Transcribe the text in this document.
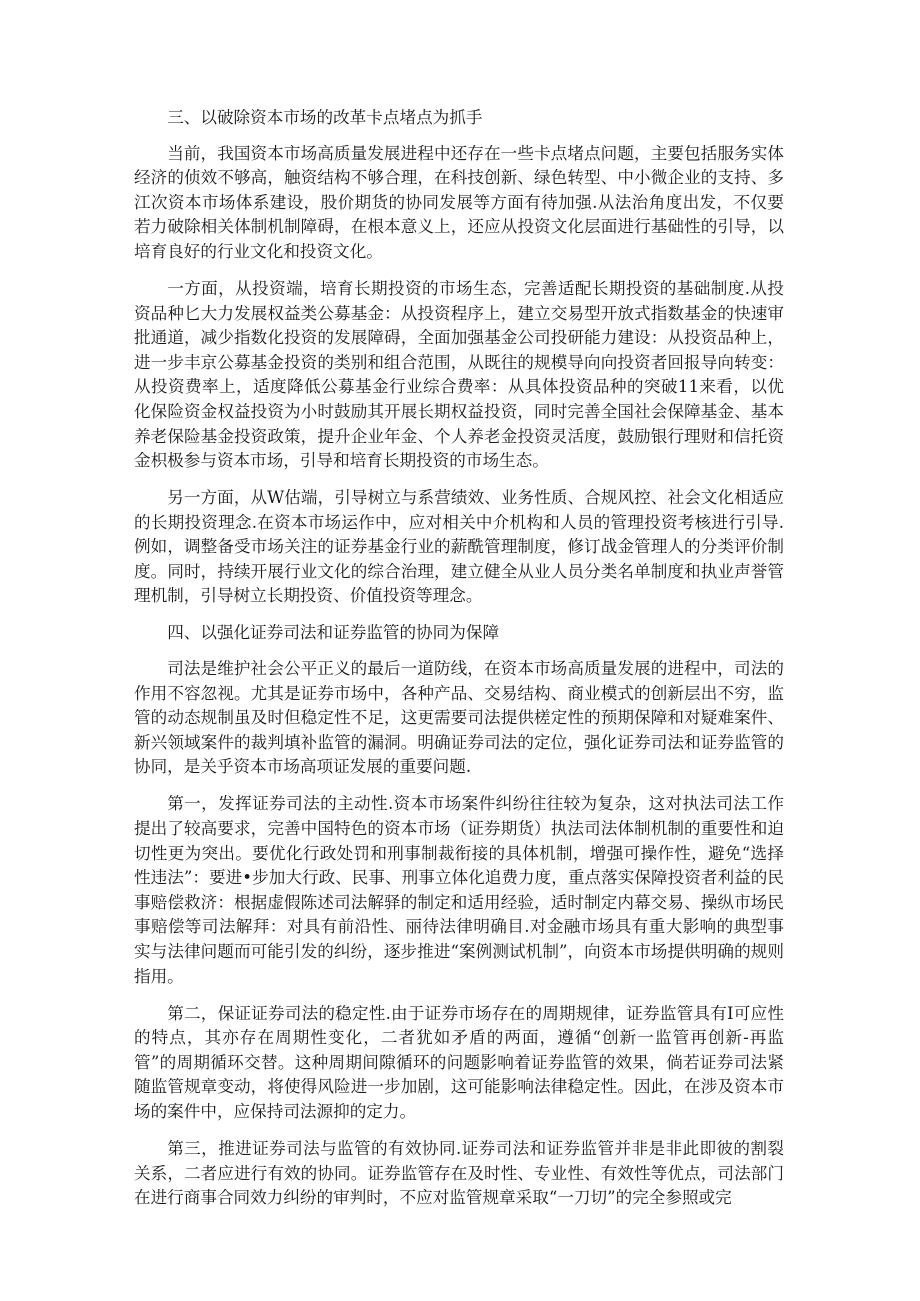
三、以破除资本市场的改革卡点堵点为抓手

当前，我国资本市场高质量发展进程中还存在一些卡点堵点问题，主要包括服务实体经济的侦效不够高，触资结构不够合理，在科技创新、绿色转型、中小微企业的支持、多江次资本市场体系建设，股价期货的协同发展等方面有待加强.从法治角度出发，不仅要若力破除相关体制机制障碍，在根本意义上，还应从投资文化层面进行基础性的引导，以培育良好的行业文化和投资文化。

一方面，从投资端，培育长期投资的市场生态，完善适配长期投资的基础制度.从投资品种匕大力发展权益类公募基金：从投资程序上，建立交易型开放式指数基金的快速审批通道，减少指数化投资的发展障碍，全面加强基金公司投研能力建设：从投资品种上，进一步丰京公募基金投资的类别和组合范围，从既往的规模导向向投资者回报导向转变：从投资费率上，适度降低公募基金行业综合费率：从具体投资品种的突破11来看，以优化保险资金权益投资为小时鼓励其开展长期权益投资，同时完善全国社会保障基金、基本养老保险基金投资政策，提升企业年金、个人养老金投资灵活度，鼓励银行理财和信托资金枳极参与资本市场，引导和培育长期投资的市场生态。

另一方面，从W估端，引导树立与系营绩效、业务性质、合规风控、社会文化相适应的长期投资理念.在资本市场运作中，应对相关中介机构和人员的管理投资考核进行引导.例如，调整备受市场关注的证券基金行业的薪酰管理制度，修订战金管理人的分类评价制度。同时，持续开展行业文化的综合治理，建立健全从业人员分类名单制度和执业声誉管理机制，引导树立长期投资、价值投资等理念。

四、以强化证券司法和证券监管的协同为保障

司法是维护社会公平正义的最后一道防线，在资本市场高质量发展的进程中，司法的作用不容忽视。尤其是证券市场中，各种产品、交易结构、商业模式的创新层出不穷，监管的动态规制虽及时但稳定性不足，这更需要司法提供槎定性的预期保障和对疑难案件、新兴领域案件的裁判填补监管的漏洞。明确证券司法的定位，强化证券司法和证券监管的协同，是关乎资本市场高项证发展的重要问题.

第一，发挥证券司法的主动性.资本市场案件纠纷往往较为复杂，这对执法司法工作提出了较高要求，完善中国特色的资本市场（证券期货）执法司法体制机制的重要性和迫切性更为突出。要优化行政处罚和刑事制裁衔接的具体机制，增强可操作性，避免“选择性违法”：要进•步加大行政、民事、刑事立体化追费力度，重点落实保障投资者利益的民事赔偿救济：根据虚假陈述司法解驿的制定和适用经验，适时制定内幕交易、操纵市场民事赔偿等司法解拜：对具有前沿性、丽待法律明确目.对金融市场具有重大影响的典型事实与法律问题而可能引发的纠纷，逐步推进“案例测试机制”，向资本市场提供明确的规则指用。

第二，保证证券司法的稳定性.由于证券市场存在的周期规律，证券监管具有I可应性的特点，其亦存在周期性变化，二者犹如矛盾的两面，遵循“创新一监管再创新-再监管”的周期循环交替。这种周期间隙循环的问题影响着证券监管的效果，倘若证券司法紧随监管规章变动，将使得风险进一步加剧，这可能影响法律稳定性。因此，在涉及资本市场的案件中，应保持司法源抑的定力。

第三，推进证券司法与监管的有效协同.证券司法和证券监管并非是非此即彼的割裂关系，二者应进行有效的协同。证券监管存在及时性、专业性、有效性等优点，司法部门在进行商事合同效力纠纷的审判时，不应对监管规章采取“一刀切”的完全参照或完
